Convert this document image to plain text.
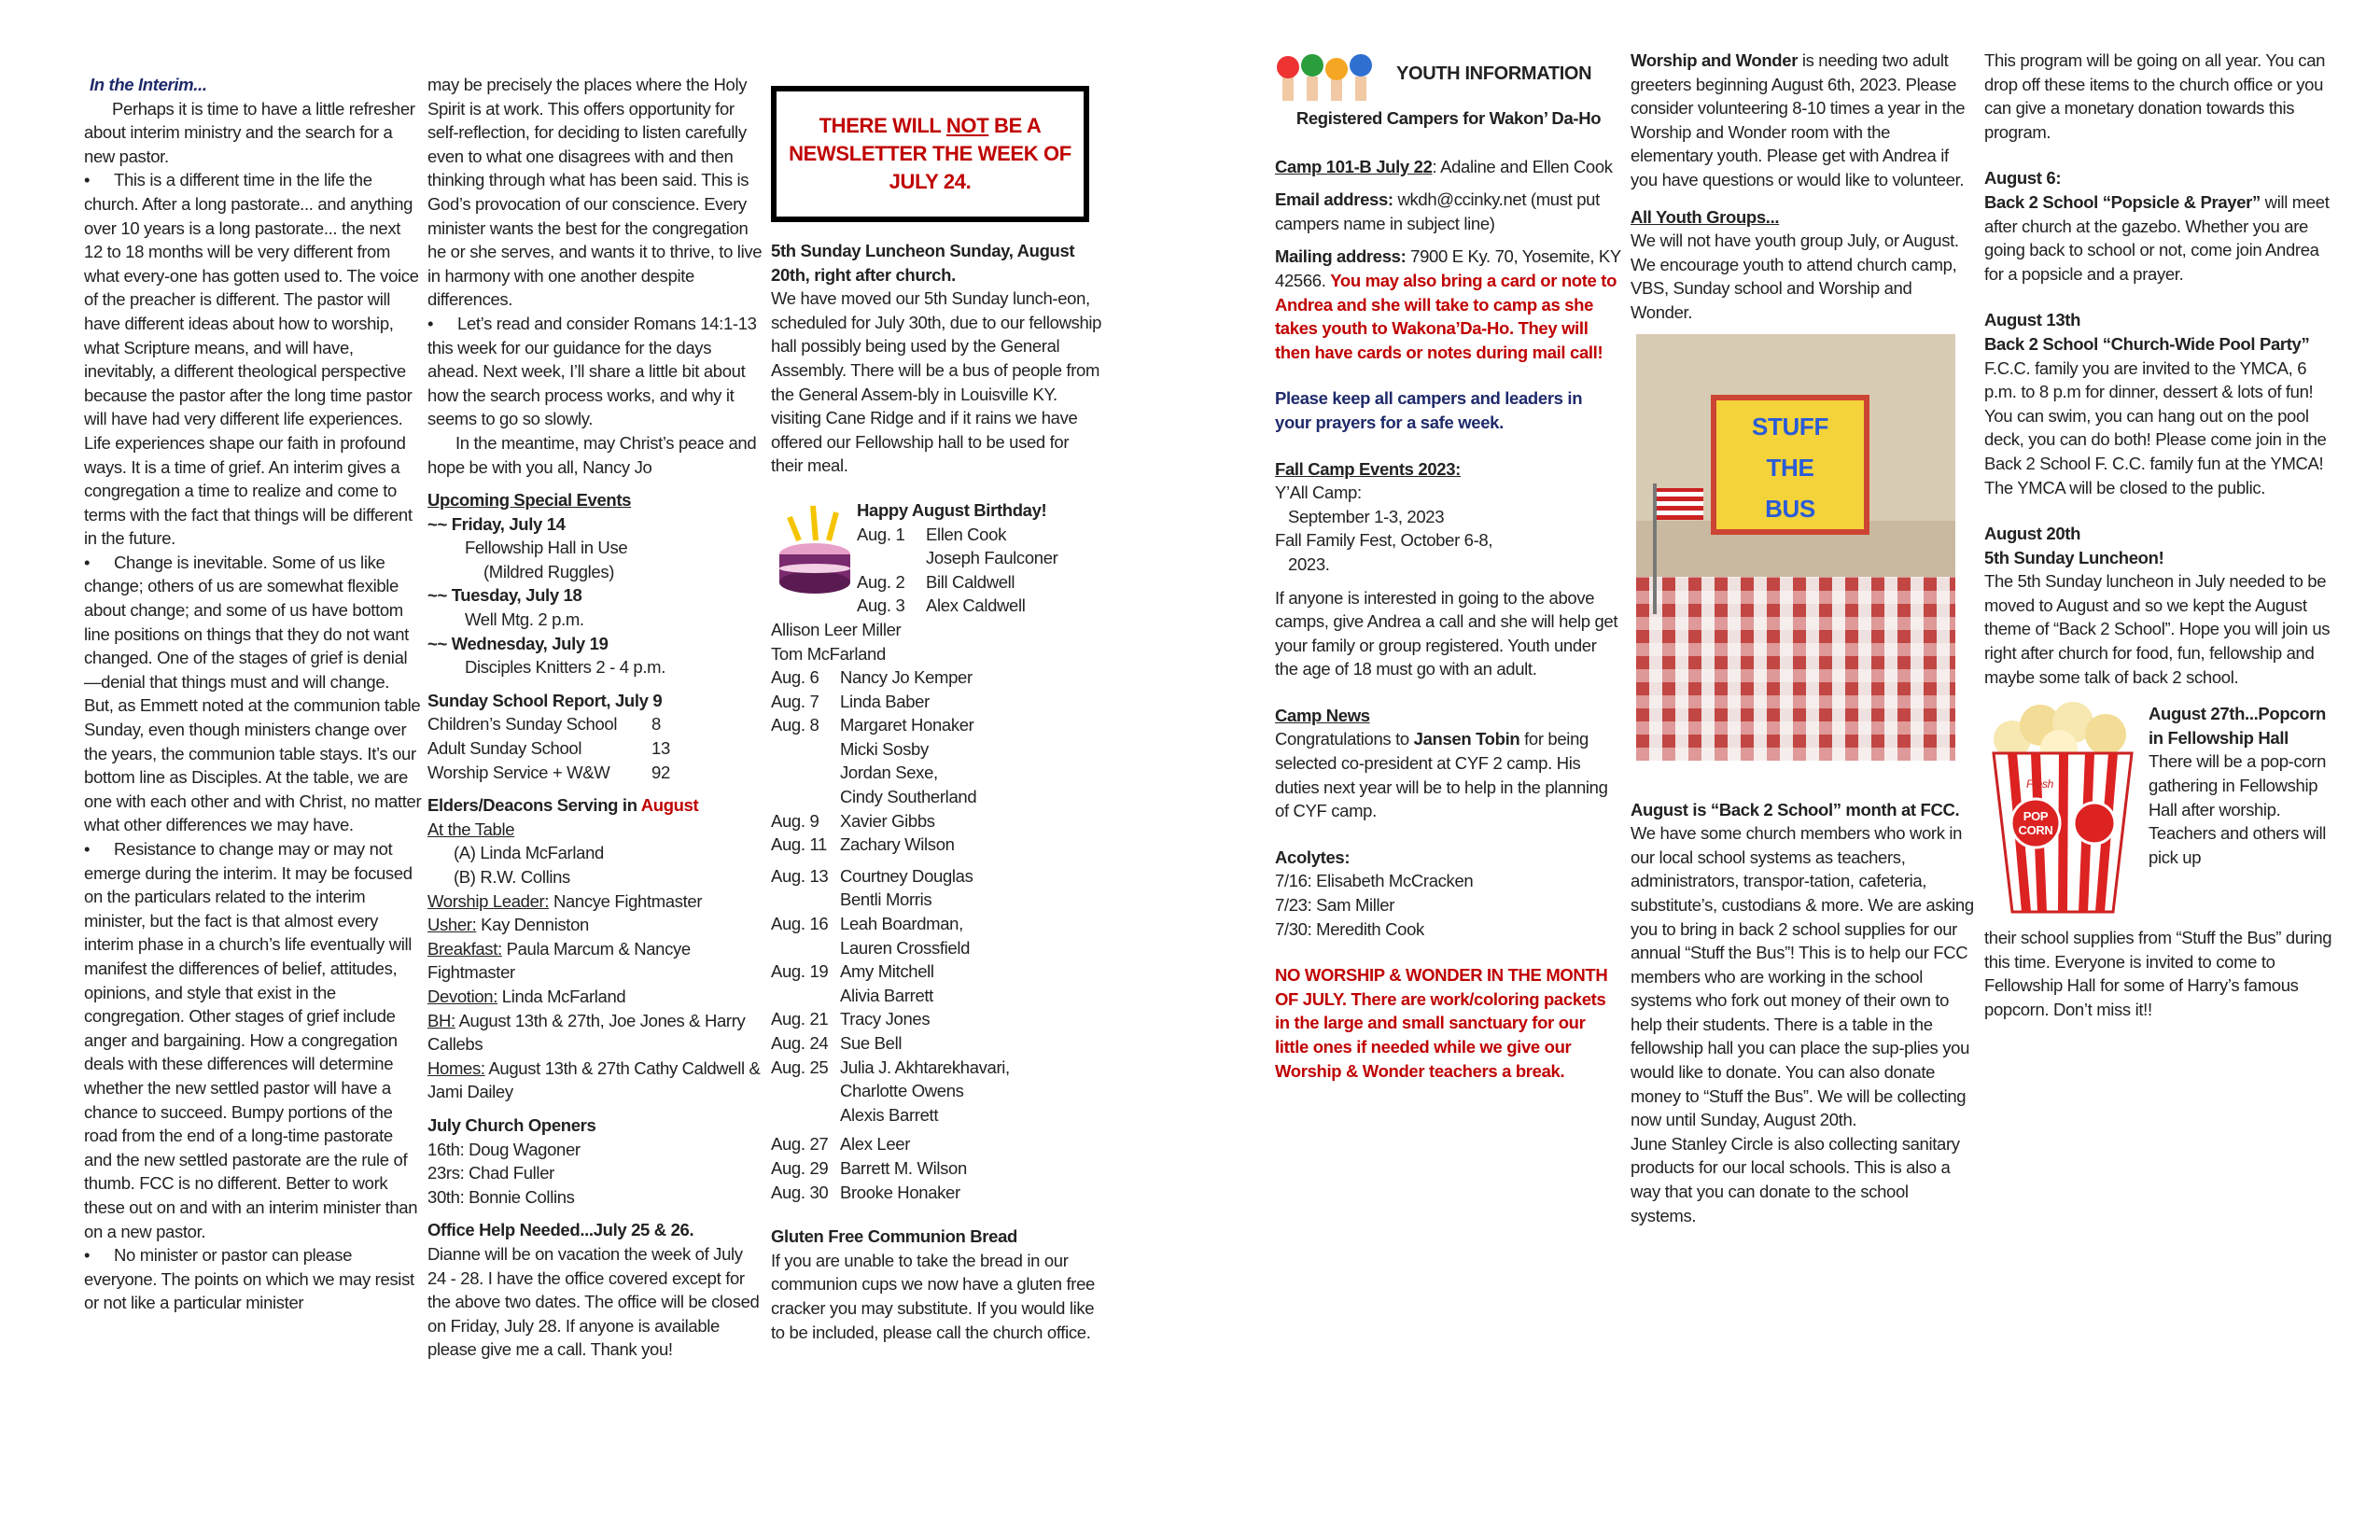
In the Interim...

Perhaps it is time to have a little refresher about interim ministry and the search for a new pastor.

• This is a different time in the life the church. After a long pastorate... and anything over 10 years is a long pastorate... the next 12 to 18 months will be very different from what every-one has gotten used to. The voice of the preacher is different. The pastor will have different ideas about how to worship, what Scripture means, and will have, inevitably, a different theological perspective because the pastor after the long time pastor will have had very different life experiences. Life experiences shape our faith in profound ways. It is a time of grief. An interim gives a congregation a time to realize and come to terms with the fact that things will be different in the future.

• Change is inevitable. Some of us like change; others of us are somewhat flexible about change; and some of us have bottom line positions on things that they do not want changed. One of the stages of grief is denial—denial that things must and will change. But, as Emmett noted at the communion table Sunday, even though ministers change over the years, the communion table stays. It’s our bottom line as Disciples. At the table, we are one with each other and with Christ, no matter what other differences we may have.

• Resistance to change may or may not emerge during the interim. It may be focused on the particulars related to the interim minister, but the fact is that almost every interim phase in a church’s life eventually will manifest the differences of belief, attitudes, opinions, and style that exist in the congregation. Other stages of grief include anger and bargaining. How a congregation deals with these differences will determine whether the new settled pastor will have a chance to succeed. Bumpy portions of the road from the end of a long-time pastorate and the new settled pastorate are the rule of thumb. FCC is no different. Better to work these out on and with an interim minister than on a new pastor.

• No minister or pastor can please everyone. The points on which we may resist or not like a particular minister

may be precisely the places where the Holy Spirit is at work. This offers opportunity for self-reflection, for deciding to listen carefully even to what one disagrees with and then thinking through what has been said. This is God’s provocation of our conscience. Every minister wants the best for the congregation he or she serves, and wants it to thrive, to live in harmony with one another despite differences.

• Let’s read and consider Romans 14:1-13 this week for our guidance for the days ahead. Next week, I’ll share a little bit about how the search process works, and why it seems to go so slowly.

In the meantime, may Christ’s peace and hope be with you all, Nancy Jo

Upcoming Special Events

~~ Friday, July 14

Fellowship Hall in Use

(Mildred Ruggles)

~~ Tuesday, July 18

Well Mtg. 2 p.m.

~~ Wednesday, July 19

Disciples Knitters 2 - 4 p.m.

Sunday School Report, July 9

Children’s Sunday School	8
Adult Sunday School	13
Worship Service + W&W	92

Elders/Deacons Serving in August

At the Table

(A) Linda McFarland

(B) R.W. Collins

Worship Leader: Nancye Fightmaster

Usher: Kay Denniston

Breakfast: Paula Marcum & Nancye Fightmaster

Devotion: Linda McFarland

BH: August 13th & 27th, Joe Jones & Harry Callebs

Homes: August 13th & 27th Cathy Caldwell & Jami Dailey

July Church Openers

16th: Doug Wagoner

23rs: Chad Fuller

30th: Bonnie Collins

Office Help Needed...July 25 & 26.

Dianne will be on vacation the week of July 24 - 28. I have the office covered except for the above two dates. The office will be closed on Friday, July 28. If anyone is available please give me a call. Thank you!

THERE WILL NOT BE A NEWSLETTER THE WEEK OF JULY 24.

5th Sunday Luncheon Sunday, August 20th, right after church.

We have moved our 5th Sunday lunch-eon, scheduled for July 30th, due to our fellowship hall possibly being used by the General Assembly. There will be a bus of people from the General Assem-bly in Louisville KY. visiting Cane Ridge and if it rains we have offered our Fellowship hall to be used for their meal.

Happy August Birthday!

Aug. 1	Ellen Cook
Joseph Faulconer
Aug. 2	Bill Caldwell
Aug. 3	Alex Caldwell
Allison Leer Miller
Tom McFarland
Aug. 6	Nancy Jo Kemper
Aug. 7	Linda Baber
Aug. 8	Margaret Honaker
Micki Sosby
Jordan Sexe,
Cindy Southerland
Aug. 9	Xavier Gibbs
Aug. 11 Zachary Wilson
Aug. 13 Courtney Douglas
Bentli Morris
Aug. 16 Leah Boardman,
Lauren Crossfield
Aug. 19 Amy Mitchell
Alivia Barrett
Aug. 21 Tracy Jones
Aug. 24 Sue Bell
Aug. 25 Julia J. Akhtarekhavari,
Charlotte Owens
Alexis Barrett
Aug. 27 Alex Leer
Aug. 29 Barrett M. Wilson
Aug. 30 Brooke Honaker

Gluten Free Communion Bread

If you are unable to take the bread in our communion cups we now have a gluten free cracker you may substitute. If you would like to be included, please call the church office.

YOUTH INFORMATION

Registered Campers for Wakon’ Da-Ho

Camp 101-B July 22: Adaline and Ellen Cook

Email address: wkdh@ccinky.net (must put campers name in subject line)

Mailing address: 7900 E Ky. 70, Yosemite, KY 42566. You may also bring a card or note to Andrea and she will take to camp as she takes youth to Wakona’Da-Ho. They will then have cards or notes during mail call!

Please keep all campers and leaders in your prayers for a safe week.

Fall Camp Events 2023:

Y’All Camp:

September 1-3, 2023

Fall Family Fest, October 6-8,

2023.

If anyone is interested in going to the above camps, give Andrea a call and she will help get your family or group registered. Youth under the age of 18 must go with an adult.

Camp News

Congratulations to Jansen Tobin for being selected co-president at CYF 2 camp. His duties next year will be to help in the planning of CYF camp.

Acolytes:

7/16: Elisabeth McCracken

7/23: Sam Miller

7/30: Meredith Cook

NO WORSHIP & WONDER IN THE MONTH OF JULY. There are work/coloring packets in the large and small sanctuary for our little ones if needed while we give our Worship & Wonder teachers a break.

Worship and Wonder is needing two adult greeters beginning August 6th, 2023. Please consider volunteering 8-10 times a year in the Worship and Wonder room with the elementary youth. Please get with Andrea if you have questions or would like to volunteer.

All Youth Groups...

We will not have youth group July, or August. We encourage youth to attend church camp, VBS, Sunday school and Worship and Wonder.

STUFF
THE
BUS

August is “Back 2 School” month at FCC. We have some church members who work in our local school systems as teachers, administrators, transpor-tation, cafeteria, substitute’s, custodians & more. We are asking you to bring in back 2 school supplies for our annual “Stuff the Bus”! This is to help our FCC members who are working in the school systems who fork out money of their own to help their students. There is a table in the fellowship hall you can place the sup-plies you would like to donate. You can also donate money to “Stuff the Bus”. We will be collecting now until Sunday, August 20th.

June Stanley Circle is also collecting sanitary products for our local schools. This is also a way that you can donate to the school systems.

This program will be going on all year. You can drop off these items to the church office or you can give a monetary donation towards this program.

August 6:

Back 2 School “Popsicle & Prayer” will meet after church at the gazebo. Whether you are going back to school or not, come join Andrea for a popsicle and a prayer.

August 13th

Back 2 School “Church-Wide Pool Party” F.C.C. family you are invited to the YMCA, 6 p.m. to 8 p.m for dinner, dessert & lots of fun! You can swim, you can hang out on the pool deck, you can do both! Please come join in the Back 2 School F. C.C. family fun at the YMCA! The YMCA will be closed to the public.

August 20th

5th Sunday Luncheon!

The 5th Sunday luncheon in July needed to be moved to August and so we kept the August theme of “Back 2 School”. Hope you will join us right after church for food, fun, fellowship and maybe some talk of back 2 school.

POP
CORN
Fresh

August 27th...Popcorn in Fellowship Hall

There will be a pop-corn gathering in Fellowship Hall after worship. Teachers and others will pick up

their school supplies from “Stuff the Bus” during this time. Everyone is invited to come to Fellowship Hall for some of Harry’s famous popcorn. Don’t miss it!!
